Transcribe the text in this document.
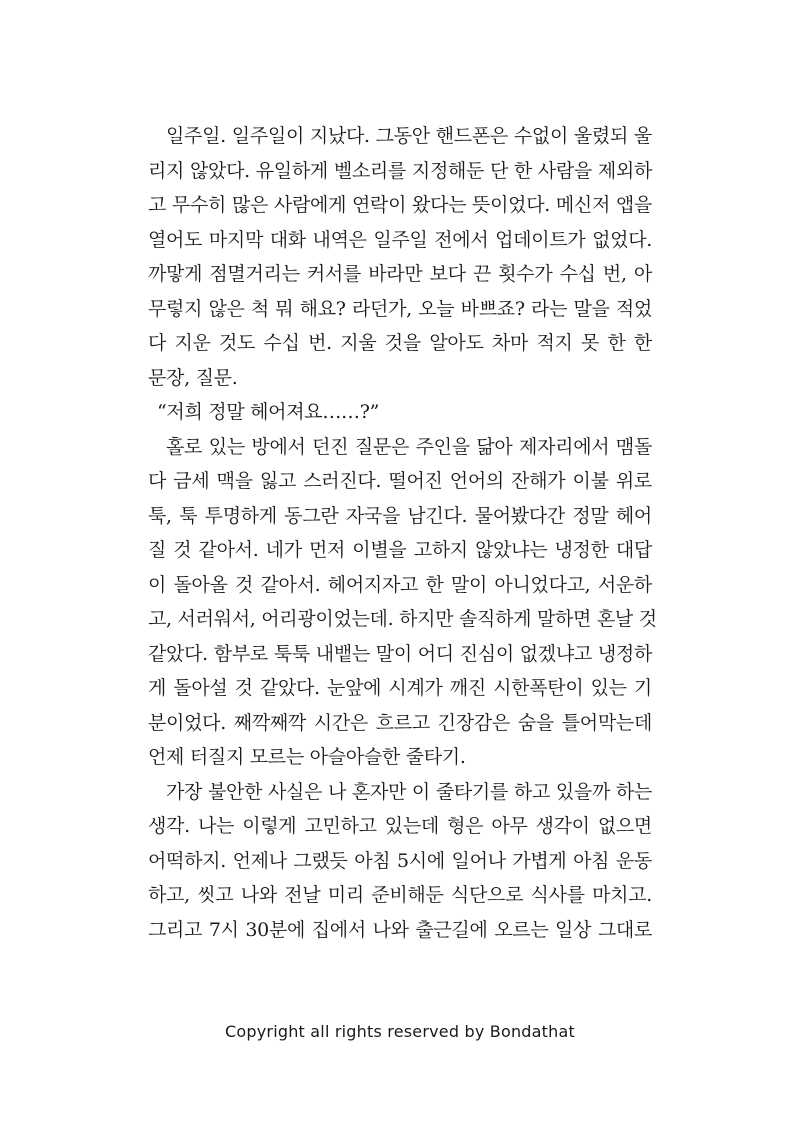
일주일. 일주일이 지났다. 그동안 핸드폰은 수없이 울렸되 울
리지 않았다. 유일하게 벨소리를 지정해둔 단 한 사람을 제외하
고 무수히 많은 사람에게 연락이 왔다는 뜻이었다. 메신저 앱을
열어도 마지막 대화 내역은 일주일 전에서 업데이트가 없었다.
까맣게 점멸거리는 커서를 바라만 보다 끈 횟수가 수십 번, 아
무렇지 않은 척 뭐 해요? 라던가, 오늘 바쁘죠? 라는 말을 적었
다 지운 것도 수십 번. 지울 것을 알아도 차마 적지 못 한 한
문장, 질문.
“저희 정말 헤어져요……?”
홀로 있는 방에서 던진 질문은 주인을 닮아 제자리에서 맴돌
다 금세 맥을 잃고 스러진다. 떨어진 언어의 잔해가 이불 위로
툭, 툭 투명하게 동그란 자국을 남긴다. 물어봤다간 정말 헤어
질 것 같아서. 네가 먼저 이별을 고하지 않았냐는 냉정한 대답
이 돌아올 것 같아서. 헤어지자고 한 말이 아니었다고, 서운하
고, 서러워서, 어리광이었는데. 하지만 솔직하게 말하면 혼날 것
같았다. 함부로 툭툭 내뱉는 말이 어디 진심이 없겠냐고 냉정하
게 돌아설 것 같았다. 눈앞에 시계가 깨진 시한폭탄이 있는 기
분이었다. 째깍째깍 시간은 흐르고 긴장감은 숨을 틀어막는데
언제 터질지 모르는 아슬아슬한 줄타기.
가장 불안한 사실은 나 혼자만 이 줄타기를 하고 있을까 하는
생각. 나는 이렇게 고민하고 있는데 형은 아무 생각이 없으면
어떡하지. 언제나 그랬듯 아침 5시에 일어나 가볍게 아침 운동
하고, 씻고 나와 전날 미리 준비해둔 식단으로 식사를 마치고.
그리고 7시 30분에 집에서 나와 출근길에 오르는 일상 그대로
Copyright all rights reserved by Bondathat
